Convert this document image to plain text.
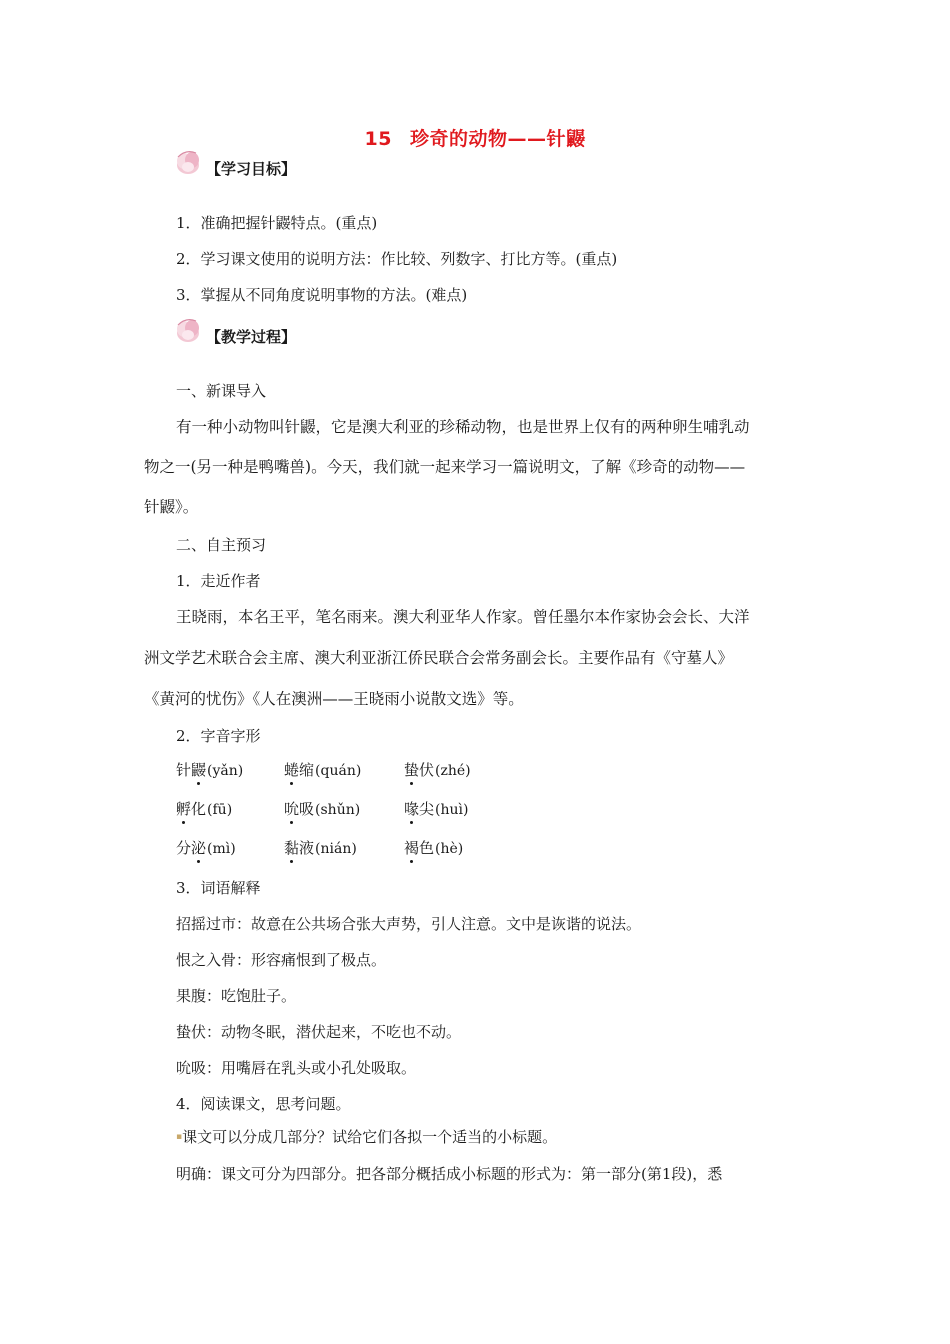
15 珍奇的动物——针鼹
【学习目标】
1．准确把握针鼹特点。(重点)
2．学习课文使用的说明方法：作比较、列数字、打比方等。(重点)
3．掌握从不同角度说明事物的方法。(难点)
【教学过程】
一、新课导入
有一种小动物叫针鼹，它是澳大利亚的珍稀动物，也是世界上仅有的两种卵生哺乳动
物之一(另一种是鸭嘴兽)。今天，我们就一起来学习一篇说明文，了解《珍奇的动物——
针鼹》。
二、自主预习
1．走近作者
王晓雨，本名王平，笔名雨来。澳大利亚华人作家。曾任墨尔本作家协会会长、大洋
洲文学艺术联合会主席、澳大利亚浙江侨民联合会常务副会长。主要作品有《守墓人》
《黄河的忧伤》《人在澳洲——王晓雨小说散文选》等。
2．字音字形
针鼹(yǎn)	蜷缩(quán)	蛰伏(zhé)
孵化(fū)	吮吸(shǔn)	喙尖(huì)
分泌(mì)	黏液(nián)	褐色(hè)
3．词语解释
招摇过市：故意在公共场合张大声势，引人注意。文中是诙谐的说法。
恨之入骨：形容痛恨到了极点。
果腹：吃饱肚子。
蛰伏：动物冬眠，潜伏起来，不吃也不动。
吮吸：用嘴唇在乳头或小孔处吸取。
4．阅读课文，思考问题。
▪课文可以分成几部分？试给它们各拟一个适当的小标题。
明确：课文可分为四部分。把各部分概括成小标题的形式为：第一部分(第1段)，悉
